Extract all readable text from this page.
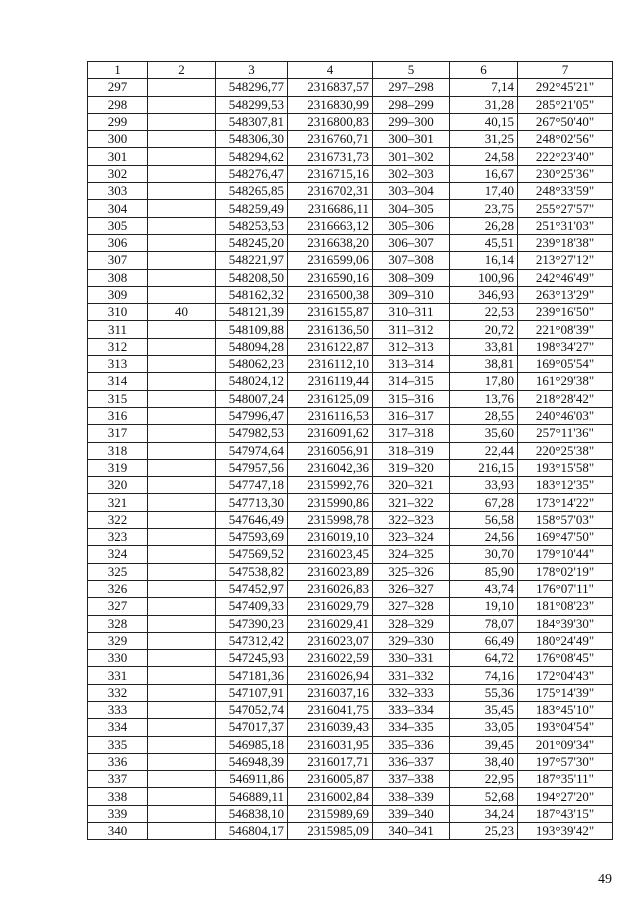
1	2	3	4	5	6	7
297		548296,77	2316837,57	297–298	7,14	292°45'21"
298		548299,53	2316830,99	298–299	31,28	285°21'05"
299		548307,81	2316800,83	299–300	40,15	267°50'40"
300		548306,30	2316760,71	300–301	31,25	248°02'56"
301		548294,62	2316731,73	301–302	24,58	222°23'40"
302		548276,47	2316715,16	302–303	16,67	230°25'36"
303		548265,85	2316702,31	303–304	17,40	248°33'59"
304		548259,49	2316686,11	304–305	23,75	255°27'57"
305		548253,53	2316663,12	305–306	26,28	251°31'03"
306		548245,20	2316638,20	306–307	45,51	239°18'38"
307		548221,97	2316599,06	307–308	16,14	213°27'12"
308		548208,50	2316590,16	308–309	100,96	242°46'49"
309		548162,32	2316500,38	309–310	346,93	263°13'29"
310	40	548121,39	2316155,87	310–311	22,53	239°16'50"
311		548109,88	2316136,50	311–312	20,72	221°08'39"
312		548094,28	2316122,87	312–313	33,81	198°34'27"
313		548062,23	2316112,10	313–314	38,81	169°05'54"
314		548024,12	2316119,44	314–315	17,80	161°29'38"
315		548007,24	2316125,09	315–316	13,76	218°28'42"
316		547996,47	2316116,53	316–317	28,55	240°46'03"
317		547982,53	2316091,62	317–318	35,60	257°11'36"
318		547974,64	2316056,91	318–319	22,44	220°25'38"
319		547957,56	2316042,36	319–320	216,15	193°15'58"
320		547747,18	2315992,76	320–321	33,93	183°12'35"
321		547713,30	2315990,86	321–322	67,28	173°14'22"
322		547646,49	2315998,78	322–323	56,58	158°57'03"
323		547593,69	2316019,10	323–324	24,56	169°47'50"
324		547569,52	2316023,45	324–325	30,70	179°10'44"
325		547538,82	2316023,89	325–326	85,90	178°02'19"
326		547452,97	2316026,83	326–327	43,74	176°07'11"
327		547409,33	2316029,79	327–328	19,10	181°08'23"
328		547390,23	2316029,41	328–329	78,07	184°39'30"
329		547312,42	2316023,07	329–330	66,49	180°24'49"
330		547245,93	2316022,59	330–331	64,72	176°08'45"
331		547181,36	2316026,94	331–332	74,16	172°04'43"
332		547107,91	2316037,16	332–333	55,36	175°14'39"
333		547052,74	2316041,75	333–334	35,45	183°45'10"
334		547017,37	2316039,43	334–335	33,05	193°04'54"
335		546985,18	2316031,95	335–336	39,45	201°09'34"
336		546948,39	2316017,71	336–337	38,40	197°57'30"
337		546911,86	2316005,87	337–338	22,95	187°35'11"
338		546889,11	2316002,84	338–339	52,68	194°27'20"
339		546838,10	2315989,69	339–340	34,24	187°43'15"
340		546804,17	2315985,09	340–341	25,23	193°39'42"
49
